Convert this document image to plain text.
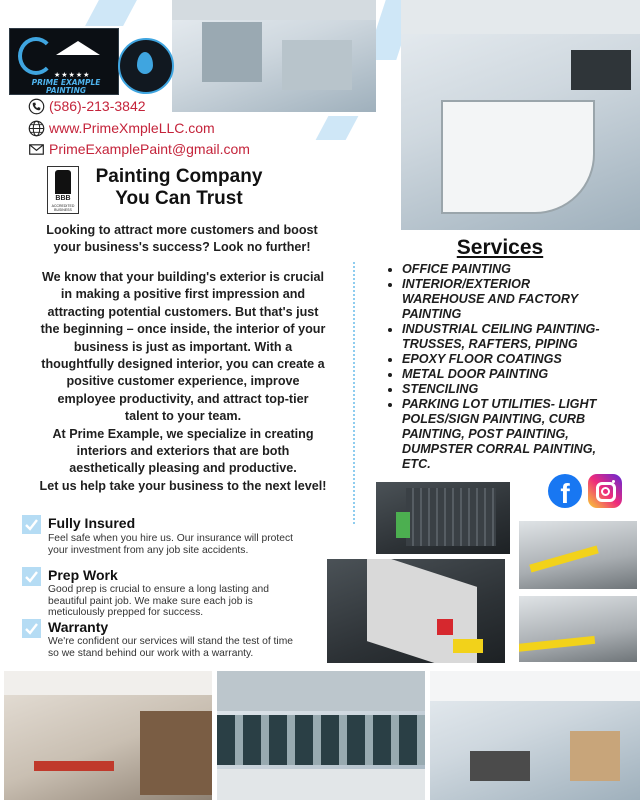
★★★★★
PRIME EXAMPLE PAINTING
(586)-213-3842
www.PrimeXmpleLLC.com
PrimeExamplePaint@gmail.com
BBB
ACCREDITED BUSINESS
Painting Company
You Can Trust
Looking to attract more customers and boost
your business's success? Look no further!
We know that your building's exterior is crucial
in making a positive first impression and
attracting potential customers. But that's just
the beginning – once inside, the interior of your
business is just as important. With a
thoughtfully designed interior, you can create a
positive customer experience, improve
employee productivity, and attract top-tier
talent to your team.
At Prime Example, we specialize in creating
interiors and exteriors that are both
aesthetically pleasing and productive.
Let us help take your business to the next level!
Services
• OFFICE PAINTING
• INTERIOR/EXTERIOR
WAREHOUSE AND FACTORY
PAINTING
• INDUSTRIAL CEILING PAINTING-
TRUSSES, RAFTERS, PIPING
• EPOXY FLOOR COATINGS
• METAL DOOR PAINTING
• STENCILING
• PARKING LOT UTILITIES- LIGHT
POLES/SIGN PAINTING, CURB
PAINTING, POST PAINTING,
DUMPSTER CORRAL PAINTING,
ETC.
f
Fully Insured
Feel safe when you hire us. Our insurance will protect
your investment from any job site accidents.
Prep Work
Good prep is crucial to ensure a long lasting and
beautiful paint job. We make sure each job is
meticulously prepped for success.
Warranty
We're confident our services will stand the test of time
so we stand behind our work with a warranty.
